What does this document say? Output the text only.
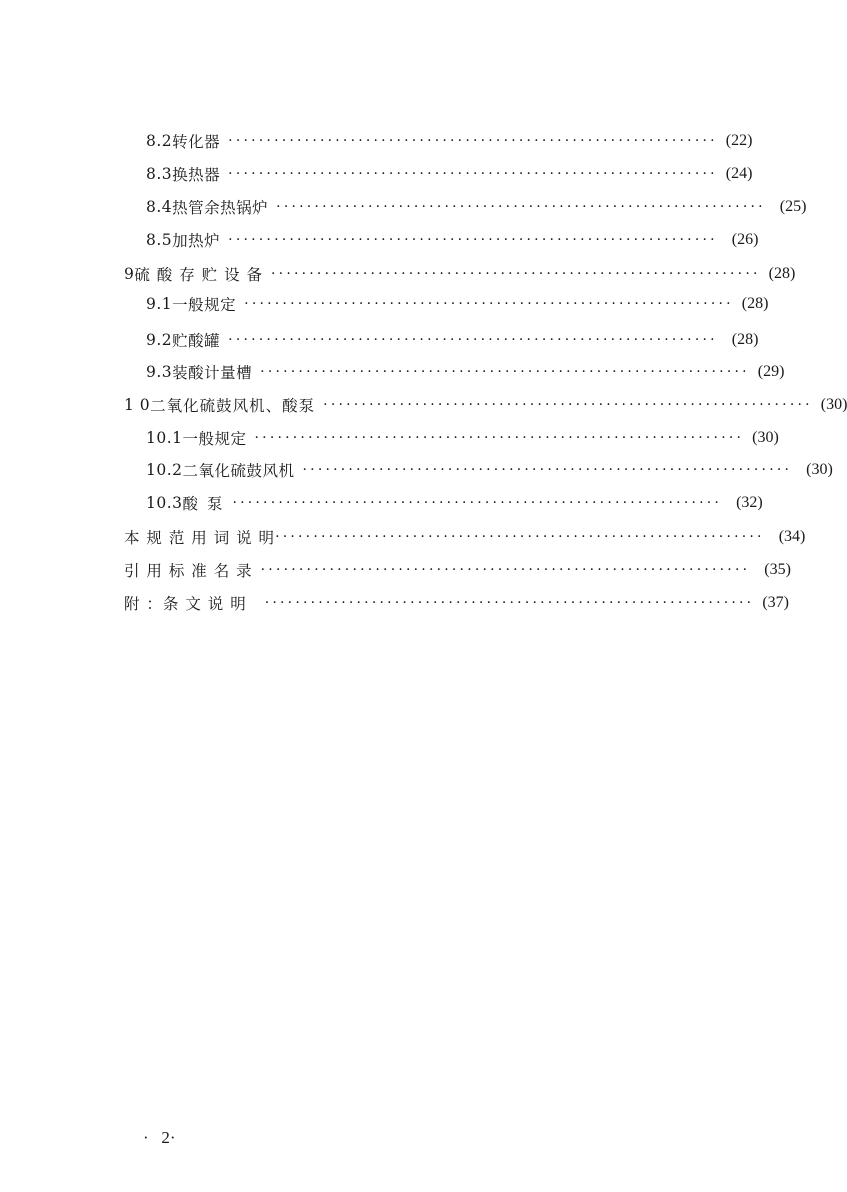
8.2 转化器 ································································ (22)
8.3 换热器 ································································ (24)
8.4 热管余热锅炉 ································································ (25)
8.5 加热炉 ································································ (26)
9 硫 酸 存 贮 设 备 ································································ (28)
9.1 一般规定 ································································ (28)
9.2 贮酸罐 ································································ (28)
9.3 装酸计量槽 ································································ (29)
1 0 二氧化硫鼓风机、酸泵 ································································ (30)
10.1 一般规定 ································································ (30)
10.2 二氧化硫鼓风机 ································································ (30)
10.3 酸 泵 ································································ (32)
本 规 范 用 词 说 明 ································································ (34)
引 用 标 准 名 录 ································································ (35)
附 ：条 文 说 明 ································································ (37)
·   2·
